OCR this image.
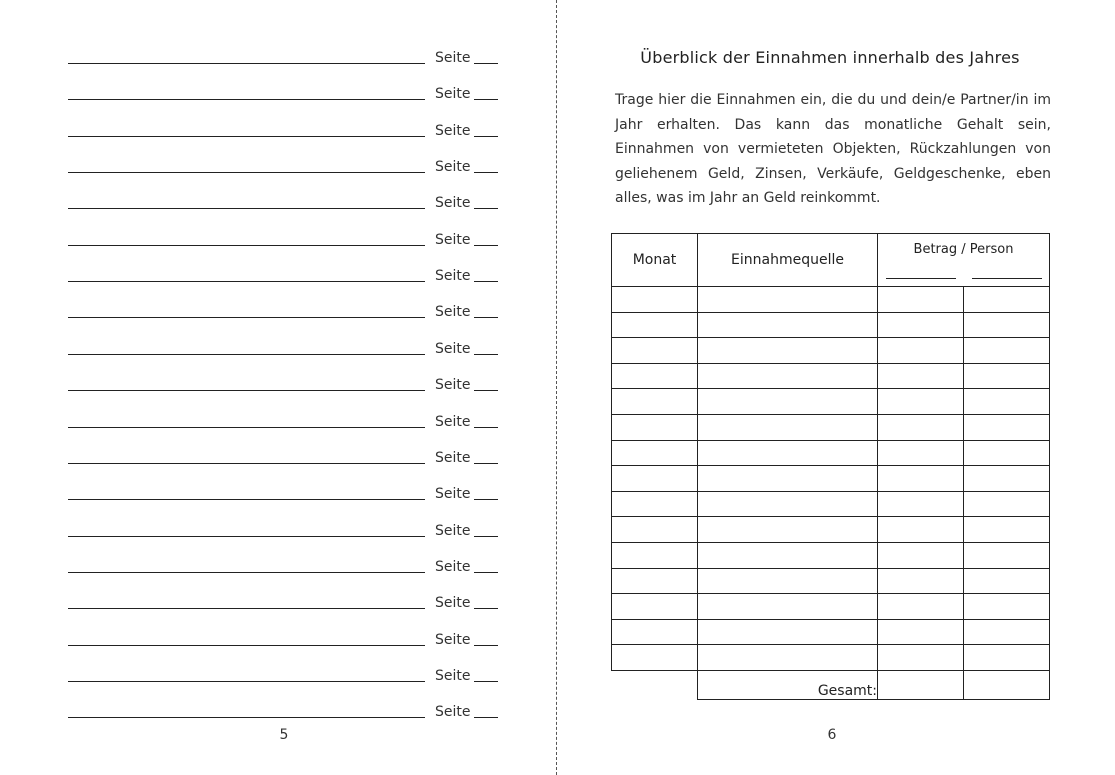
Seite
Seite
Seite
Seite
Seite
Seite
Seite
Seite
Seite
Seite
Seite
Seite
Seite
Seite
Seite
Seite
Seite
Seite
Seite
5
Überblick der Einnahmen innerhalb des Jahres
Trage hier die Einnahmen ein, die du und dein/e Partner/in im Jahr erhalten. Das kann das monatliche Gehalt sein, Einnahmen von vermieteten Objekten, Rückzahlungen von geliehenem Geld, Zinsen, Verkäufe, Geldgeschenke, eben alles, was im Jahr an Geld reinkommt.
Monat	Einnahmequelle	Betrag / Person	

	Gesamt:		
6
